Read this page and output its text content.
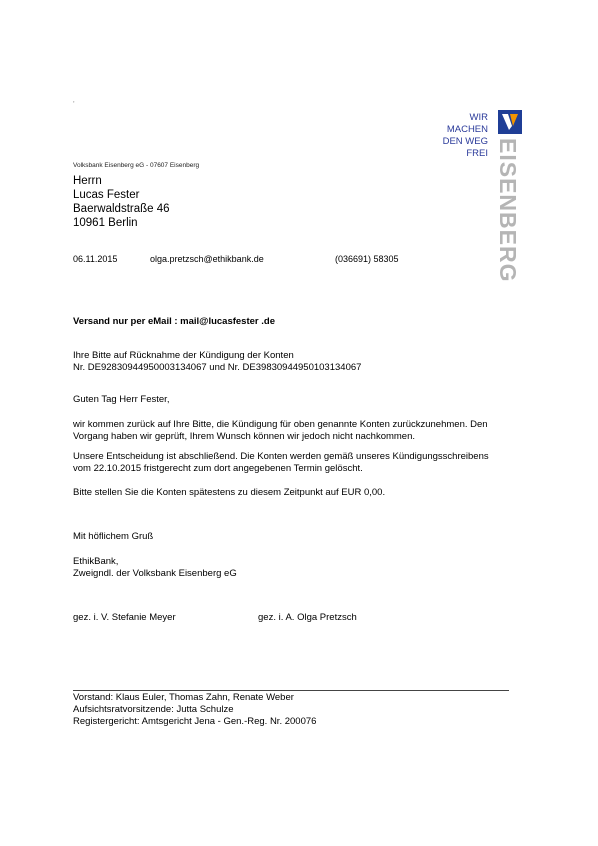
,
WIR
MACHEN
DEN WEG
FREI EISENBERG
Volksbank Eisenberg eG - 07607 Eisenberg
Herrn
Lucas Fester
Baerwaldstraße 46
10961 Berlin
06.11.2015	olga.pretzsch@ethikbank.de	(036691) 58305
Versand nur per eMail : mail@lucasfester .de
Ihre Bitte auf Rücknahme der Kündigung der Konten
Nr. DE92830944950003134067 und Nr. DE39830944950103134067
Guten Tag Herr Fester,
wir kommen zurück auf Ihre Bitte, die Kündigung für oben genannte Konten zurückzunehmen. Den
Vorgang haben wir geprüft, Ihrem Wunsch können wir jedoch nicht nachkommen.
Unsere Entscheidung ist abschließend. Die Konten werden gemäß unseres Kündigungsschreibens
vom 22.10.2015 fristgerecht zum dort angegebenen Termin gelöscht.
Bitte stellen Sie die Konten spätestens zu diesem Zeitpunkt auf EUR 0,00.
Mit höflichem Gruß
EthikBank,
Zweigndl. der Volksbank Eisenberg eG
gez. i. V. Stefanie Meyer	gez. i. A. Olga Pretzsch
Vorstand: Klaus Euler, Thomas Zahn, Renate Weber
Aufsichtsratvorsitzende: Jutta Schulze
Registergericht: Amtsgericht Jena - Gen.-Reg. Nr. 200076
